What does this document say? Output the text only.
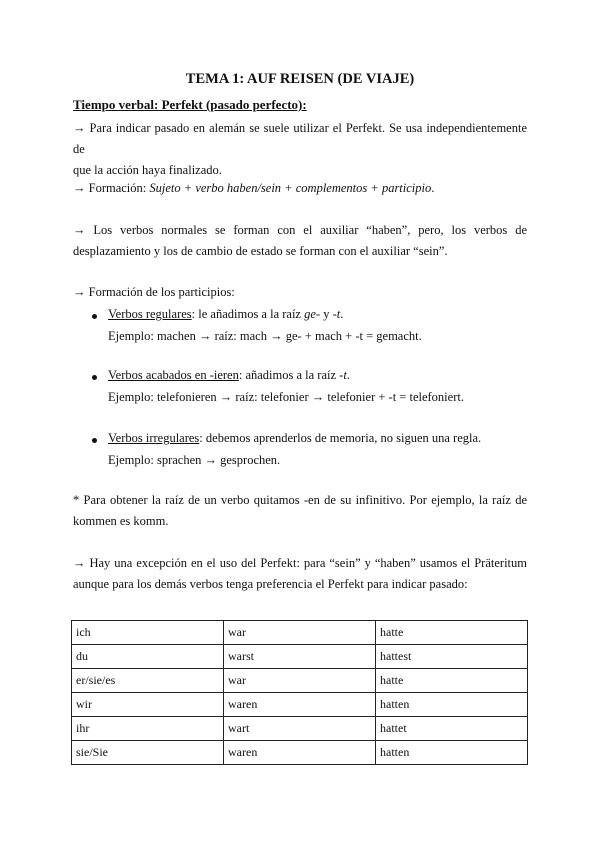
TEMA 1: AUF REISEN (DE VIAJE)
Tiempo verbal: Perfekt (pasado perfecto):
→ Para indicar pasado en alemán se suele utilizar el Perfekt. Se usa independientemente de
que la acción haya finalizado.
→ Formación: Sujeto + verbo haben/sein + complementos + participio.
→ Los verbos normales se forman con el auxiliar “haben”, pero, los verbos de
desplazamiento y los de cambio de estado se forman con el auxiliar “sein”.
→ Formación de los participios:
Verbos regulares: le añadimos a la raíz ge- y -t.
Ejemplo: machen → raíz: mach → ge- + mach + -t = gemacht.
Verbos acabados en -ieren: añadimos a la raíz -t.
Ejemplo: telefonieren → raíz: telefonier → telefonier + -t = telefoniert.
Verbos irregulares: debemos aprenderlos de memoria, no siguen una regla.
Ejemplo: sprachen → gesprochen.
* Para obtener la raíz de un verbo quitamos -en de su infinitivo. Por ejemplo, la raíz de
kommen es komm.
→ Hay una excepción en el uso del Perfekt: para “sein” y “haben” usamos el Präteritum
aunque para los demás verbos tenga preferencia el Perfekt para indicar pasado:
ich	war	hatte
du	warst	hattest
er/sie/es	war	hatte
wir	waren	hatten
ihr	wart	hattet
sie/Sie	waren	hatten
